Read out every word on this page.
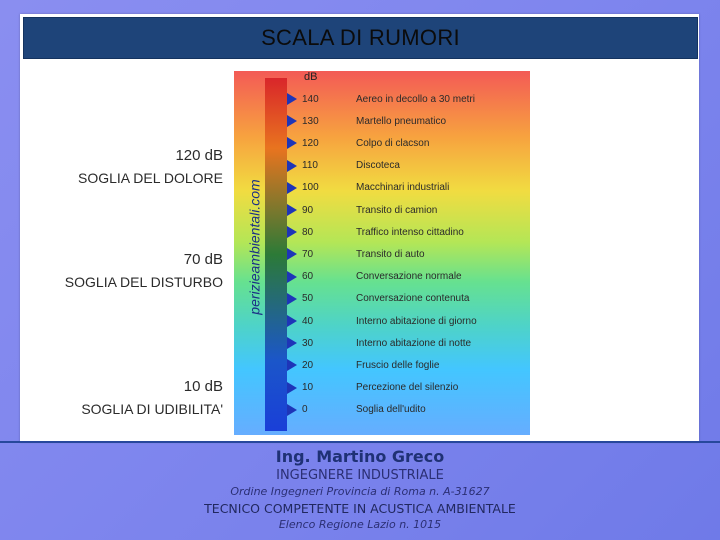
SCALA DI RUMORI
120 dB
SOGLIA DEL DOLORE
70 dB
SOGLIA DEL DISTURBO
10 dB
SOGLIA DI UDIBILITA'
perizieambientali.com
dB
140	Aereo in decollo a 30 metri
130	Martello pneumatico
120	Colpo di clacson
110	Discoteca
100	Macchinari industriali
90	Transito di camion
80	Traffico intenso cittadino
70	Transito di auto
60	Conversazione normale
50	Conversazione contenuta
40	Interno abitazione di giorno
30	Interno abitazione di notte
20	Fruscio delle foglie
10	Percezione del silenzio
0	Soglia dell'udito
Ing. Martino Greco
INGEGNERE INDUSTRIALE
Ordine Ingegneri Provincia di Roma n. A-31627
TECNICO COMPETENTE IN ACUSTICA AMBIENTALE
Elenco Regione Lazio n. 1015
